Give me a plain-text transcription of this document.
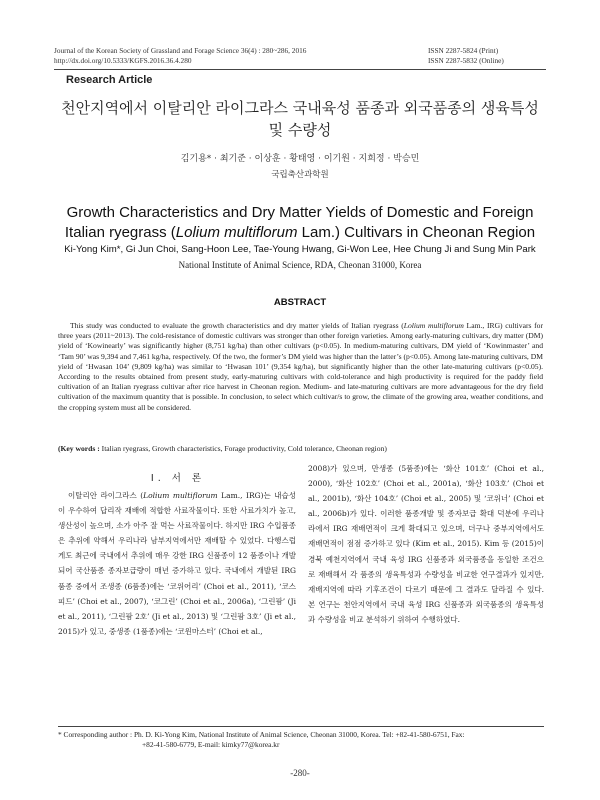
Journal of the Korean Society of Grassland and Forage Science 36(4) : 280~286, 2016
http://dx.doi.org/10.5333/KGFS.2016.36.4.280
ISSN 2287-5824 (Print)
ISSN 2287-5832 (Online)
Research Article
천안지역에서 이탈리안 라이그라스 국내육성 품종과 외국품종의 생육특성
및 수량성
김기용* · 최기준 · 이상훈 · 황태영 · 이기원 · 지희정 · 박승민
국립축산과학원
Growth Characteristics and Dry Matter Yields of Domestic and Foreign
Italian ryegrass (Lolium multiflorum Lam.) Cultivars in Cheonan Region
Ki-Yong Kim*, Gi Jun Choi, Sang-Hoon Lee, Tae-Young Hwang, Gi-Won Lee, Hee Chung Ji and Sung Min Park
National Institute of Animal Science, RDA, Cheonan 31000, Korea
ABSTRACT
This study was conducted to evaluate the growth characteristics and dry matter yields of Italian ryegrass (Lolium multiflorum Lam., IRG) cultivars for three years (2011~2013). The cold-resistance of domestic cultivars was stronger than other foreign varieties. Among early-maturing cultivars, dry matter (DM) yield of ‘Kowinearly’ was significantly higher (8,751 kg/ha) than other cultivars (p<0.05). In medium-maturing cultivars, DM yield of ‘Kowinmaster’ and ‘Tam 90’ was 9,394 and 7,461 kg/ha, respectively. Of the two, the former’s DM yield was higher than the latter’s (p<0.05). Among late-maturing cultivars, DM yield of ‘Hwasan 104’ (9,809 kg/ha) was similar to ‘Hwasan 101’ (9,354 kg/ha), but significantly higher than the other late-maturing cultivars (p<0.05). According to the results obtained from present study, early-maturing cultivars with cold-tolerance and high productivity is required for the paddy field cultivation of an Italian ryegrass cultivar after rice harvest in Cheonan region. Medium- and late-maturing cultivars are more advantageous for the dry field cultivation of the maximum quantity that is possible. In conclusion, to select which cultivar/s to grow, the climate of the growing area, weather conditions, and the cropping system must all be considered.
(Key words : Italian ryegrass, Growth characteristics, Forage productivity, Cold tolerance, Cheonan region)
Ⅰ. 서 론
이탈리안 라이그라스 (Lolium multiflorum Lam., IRG)는 내습성이 우수하여 답리작 재배에 적합한 사료작물이다. 또한 사료가치가 높고, 생산성이 높으며, 소가 아주 잘 먹는 사료작물이다. 하지만 IRG 수입품종은 추위에 약해서 우리나라 남부지역에서만 재배할 수 있었다. 다행스럽게도 최근에 국내에서 추위에 매우 강한 IRG 신품종이 12 품종이나 개발되어 국산품종 종자보급량이 매년 증가하고 있다. 국내에서 개발된 IRG 품종 중에서 조생종 (6품종)에는 ‘코위어리’ (Choi et al., 2011), ‘코스피드’ (Choi et al., 2007), ‘코그린’ (Choi et al., 2006a), ‘그린팜’ (Ji et al., 2011), ‘그린팜 2호’ (Ji et al., 2013) 및 ‘그린팜 3호’ (Ji et al., 2015)가 있고, 중생종 (1품종)에는 ‘코윈마스터’ (Choi et al.,
2008)가 있으며, 만생종 (5품종)에는 ‘화산 101호’ (Choi et al., 2000), ‘화산 102호’ (Choi et al., 2001a), ‘화산 103호’ (Choi et al., 2001b), ‘화산 104호’ (Choi et al., 2005) 및 ‘코위너’ (Choi et al., 2006b)가 있다. 이러한 품종개발 및 종자보급 확대 덕분에 우리나라에서 IRG 재배면적이 크게 확대되고 있으며, 더구나 중부지역에서도 재배면적이 점점 증가하고 있다 (Kim et al., 2015). Kim 등 (2015)이 경북 예천지역에서 국내 육성 IRG 신품종과 외국품종을 동일한 조건으로 재배해서 각 품종의 생육특성과 수량성을 비교한 연구결과가 있지만, 재배지역에 따라 기후조건이 다르기 때문에 그 결과도 달라질 수 있다. 본 연구는 천안지역에서 국내 육성 IRG 신품종과 외국품종의 생육특성과 수량성을 비교 분석하기 위하여 수행하였다.
* Corresponding author : Ph. D. Ki-Yong Kim, National Institute of Animal Science, Cheonan 31000, Korea. Tel: +82-41-580-6751, Fax:
+82-41-580-6779, E-mail: kimky77@korea.kr
-280-
